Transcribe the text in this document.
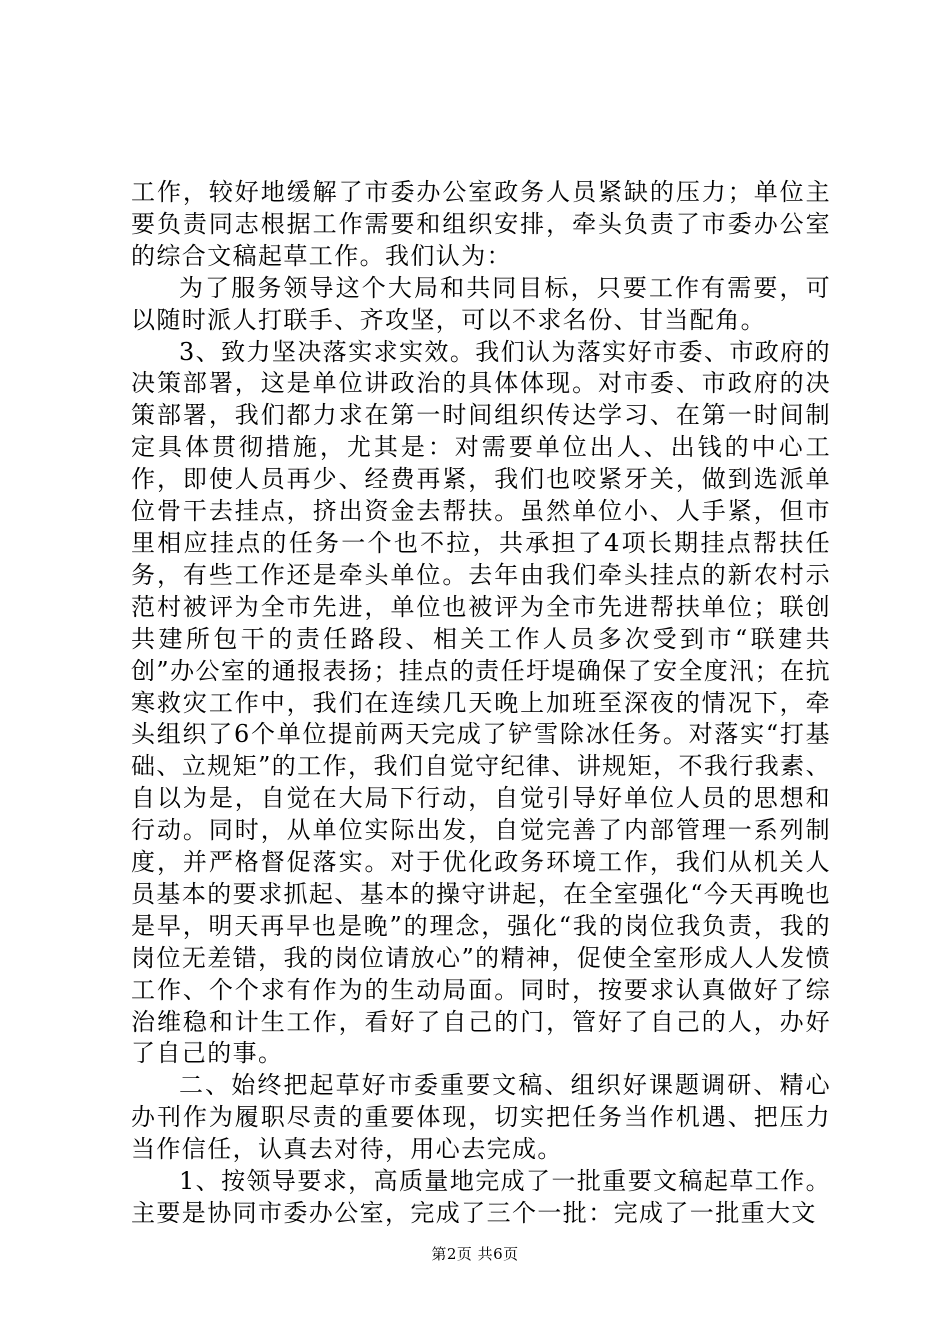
工作，较好地缓解了市委办公室政务人员紧缺的压力；单位主要负责同志根据工作需要和组织安排，牵头负责了市委办公室的综合文稿起草工作。我们认为：

为了服务领导这个大局和共同目标，只要工作有需要，可以随时派人打联手、齐攻坚，可以不求名份、甘当配角。

3、致力坚决落实求实效。我们认为落实好市委、市政府的决策部署，这是单位讲政治的具体体现。对市委、市政府的决策部署，我们都力求在第一时间组织传达学习、在第一时间制定具体贯彻措施，尤其是：对需要单位出人、出钱的中心工作，即使人员再少、经费再紧，我们也咬紧牙关，做到选派单位骨干去挂点，挤出资金去帮扶。虽然单位小、人手紧，但市里相应挂点的任务一个也不拉，共承担了4项长期挂点帮扶任务，有些工作还是牵头单位。去年由我们牵头挂点的新农村示范村被评为全市先进，单位也被评为全市先进帮扶单位；联创共建所包干的责任路段、相关工作人员多次受到市“联建共创”办公室的通报表扬；挂点的责任圩堤确保了安全度汛；在抗寒救灾工作中，我们在连续几天晚上加班至深夜的情况下，牵头组织了6个单位提前两天完成了铲雪除冰任务。对落实“打基础、立规矩”的工作，我们自觉守纪律、讲规矩，不我行我素、自以为是，自觉在大局下行动，自觉引导好单位人员的思想和行动。同时，从单位实际出发，自觉完善了内部管理一系列制度，并严格督促落实。对于优化政务环境工作，我们从机关人员基本的要求抓起、基本的操守讲起，在全室强化“今天再晚也是早，明天再早也是晚”的理念，强化“我的岗位我负责，我的岗位无差错，我的岗位请放心”的精神，促使全室形成人人发愤工作、个个求有作为的生动局面。同时，按要求认真做好了综治维稳和计生工作，看好了自己的门，管好了自己的人，办好了自己的事。

二、始终把起草好市委重要文稿、组织好课题调研、精心办刊作为履职尽责的重要体现，切实把任务当作机遇、把压力当作信任，认真去对待，用心去完成。

1、按领导要求，高质量地完成了一批重要文稿起草工作。主要是协同市委办公室，完成了三个一批：完成了一批重大文

第2页 共6页
